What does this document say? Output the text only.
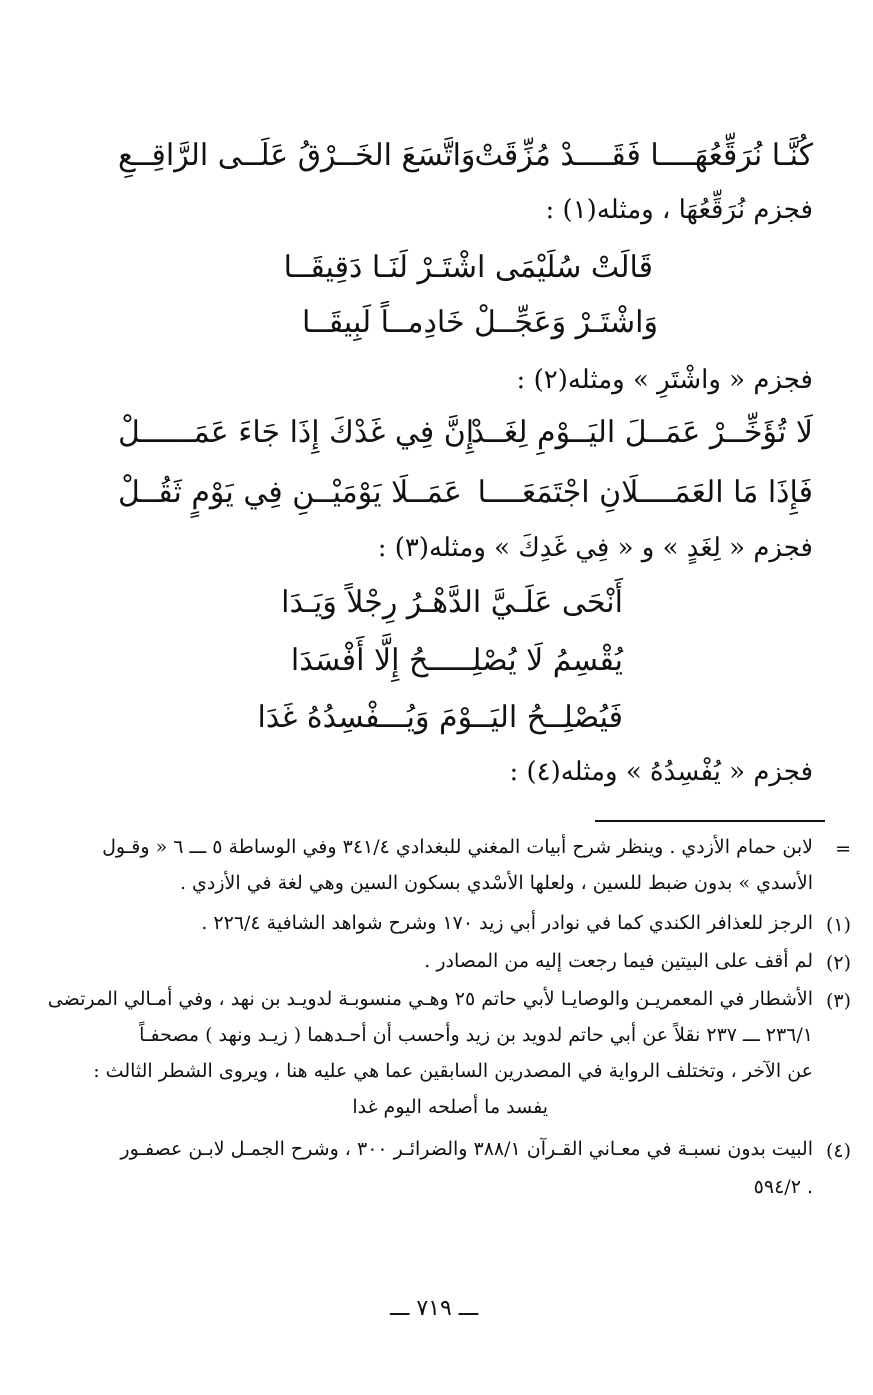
كُنَّـا نُرَقِّعُهَــــا فَقَــــدْ مُزِّقَتْ
وَاتَّسَعَ الخَــرْقُ عَلَــى الرَّاقِــعِ
فجزم نُرَقِّعُهَا ، ومثله(١) :
قَالَتْ سُلَيْمَى اشْتَـرْ لَنَـا دَقِيقَــا
وَاشْتَـرْ وَعَجِّــلْ خَادِمــاً لَبِيقَــا
فجزم « واشْتَرِ » ومثله(٢) :
لَا تُؤَخِّــرْ عَمَــلَ اليَــوْمِ لِغَــدْ
إِنَّ فِي غَدْكَ إِذَا جَاءَ عَمَــــــلْ
فَإِذَا مَا العَمَــــلَانِ اجْتَمَعَــــا
عَمَــلَا يَوْمَيْــنِ فِي يَوْمٍ ثَقُــلْ
فجزم « لِغَدٍ » و « فِي غَدِكَ » ومثله(٣) :
أَنْحَى عَلَـيَّ الدَّهْـرُ رِجْلاً وَيَـدَا
يُقْسِمُ لَا يُصْلِـــــحُ إِلَّا أَفْسَدَا
فَيُصْلِــحُ اليَــوْمَ وَيُـــفْسِدُهُ غَدَا
فجزم « يُفْسِدُهُ » ومثله(٤) :
=
لابن حمام الأزدي . وينظر شرح أبيات المغني للبغدادي ٣٤١/٤ وفي الوساطة ٥ ـــ ٦ « وقـول
الأسدي » بدون ضبط للسين ، ولعلها الأسْدي بسكون السين وهي لغة في الأزدي .
(١)
الرجز للعذافر الكندي كما في نوادر أبي زيد ١٧٠ وشرح شواهد الشافية ٢٢٦/٤ .
(٢)
لم أقف على البيتين فيما رجعت إليه من المصادر .
(٣)
الأشطار في المعمريـن والوصايـا لأبي حاتم ٢٥ وهـي منسوبـة لدويـد بن نهد ، وفي أمـالي المرتضى
٢٣٦/١ ـــ ٢٣٧ نقلاً عن أبي حاتم لدويد بن زيد وأحسب أن أحـدهما ( زيـد ونهد ) مصحفـاً
عن الآخر ، وتختلف الرواية في المصدرين السابقين عما هي عليه هنا ، ويروى الشطر الثالث :
يفسد ما أصلحه اليوم غدا
(٤)
البيت بدون نسبـة في معـاني القـرآن ٣٨٨/١ والضرائـر ٣٠٠ ، وشرح الجمـل لابـن عصفـور
. ٥٩٤/٢
ـــ ٧١٩ ـــ
